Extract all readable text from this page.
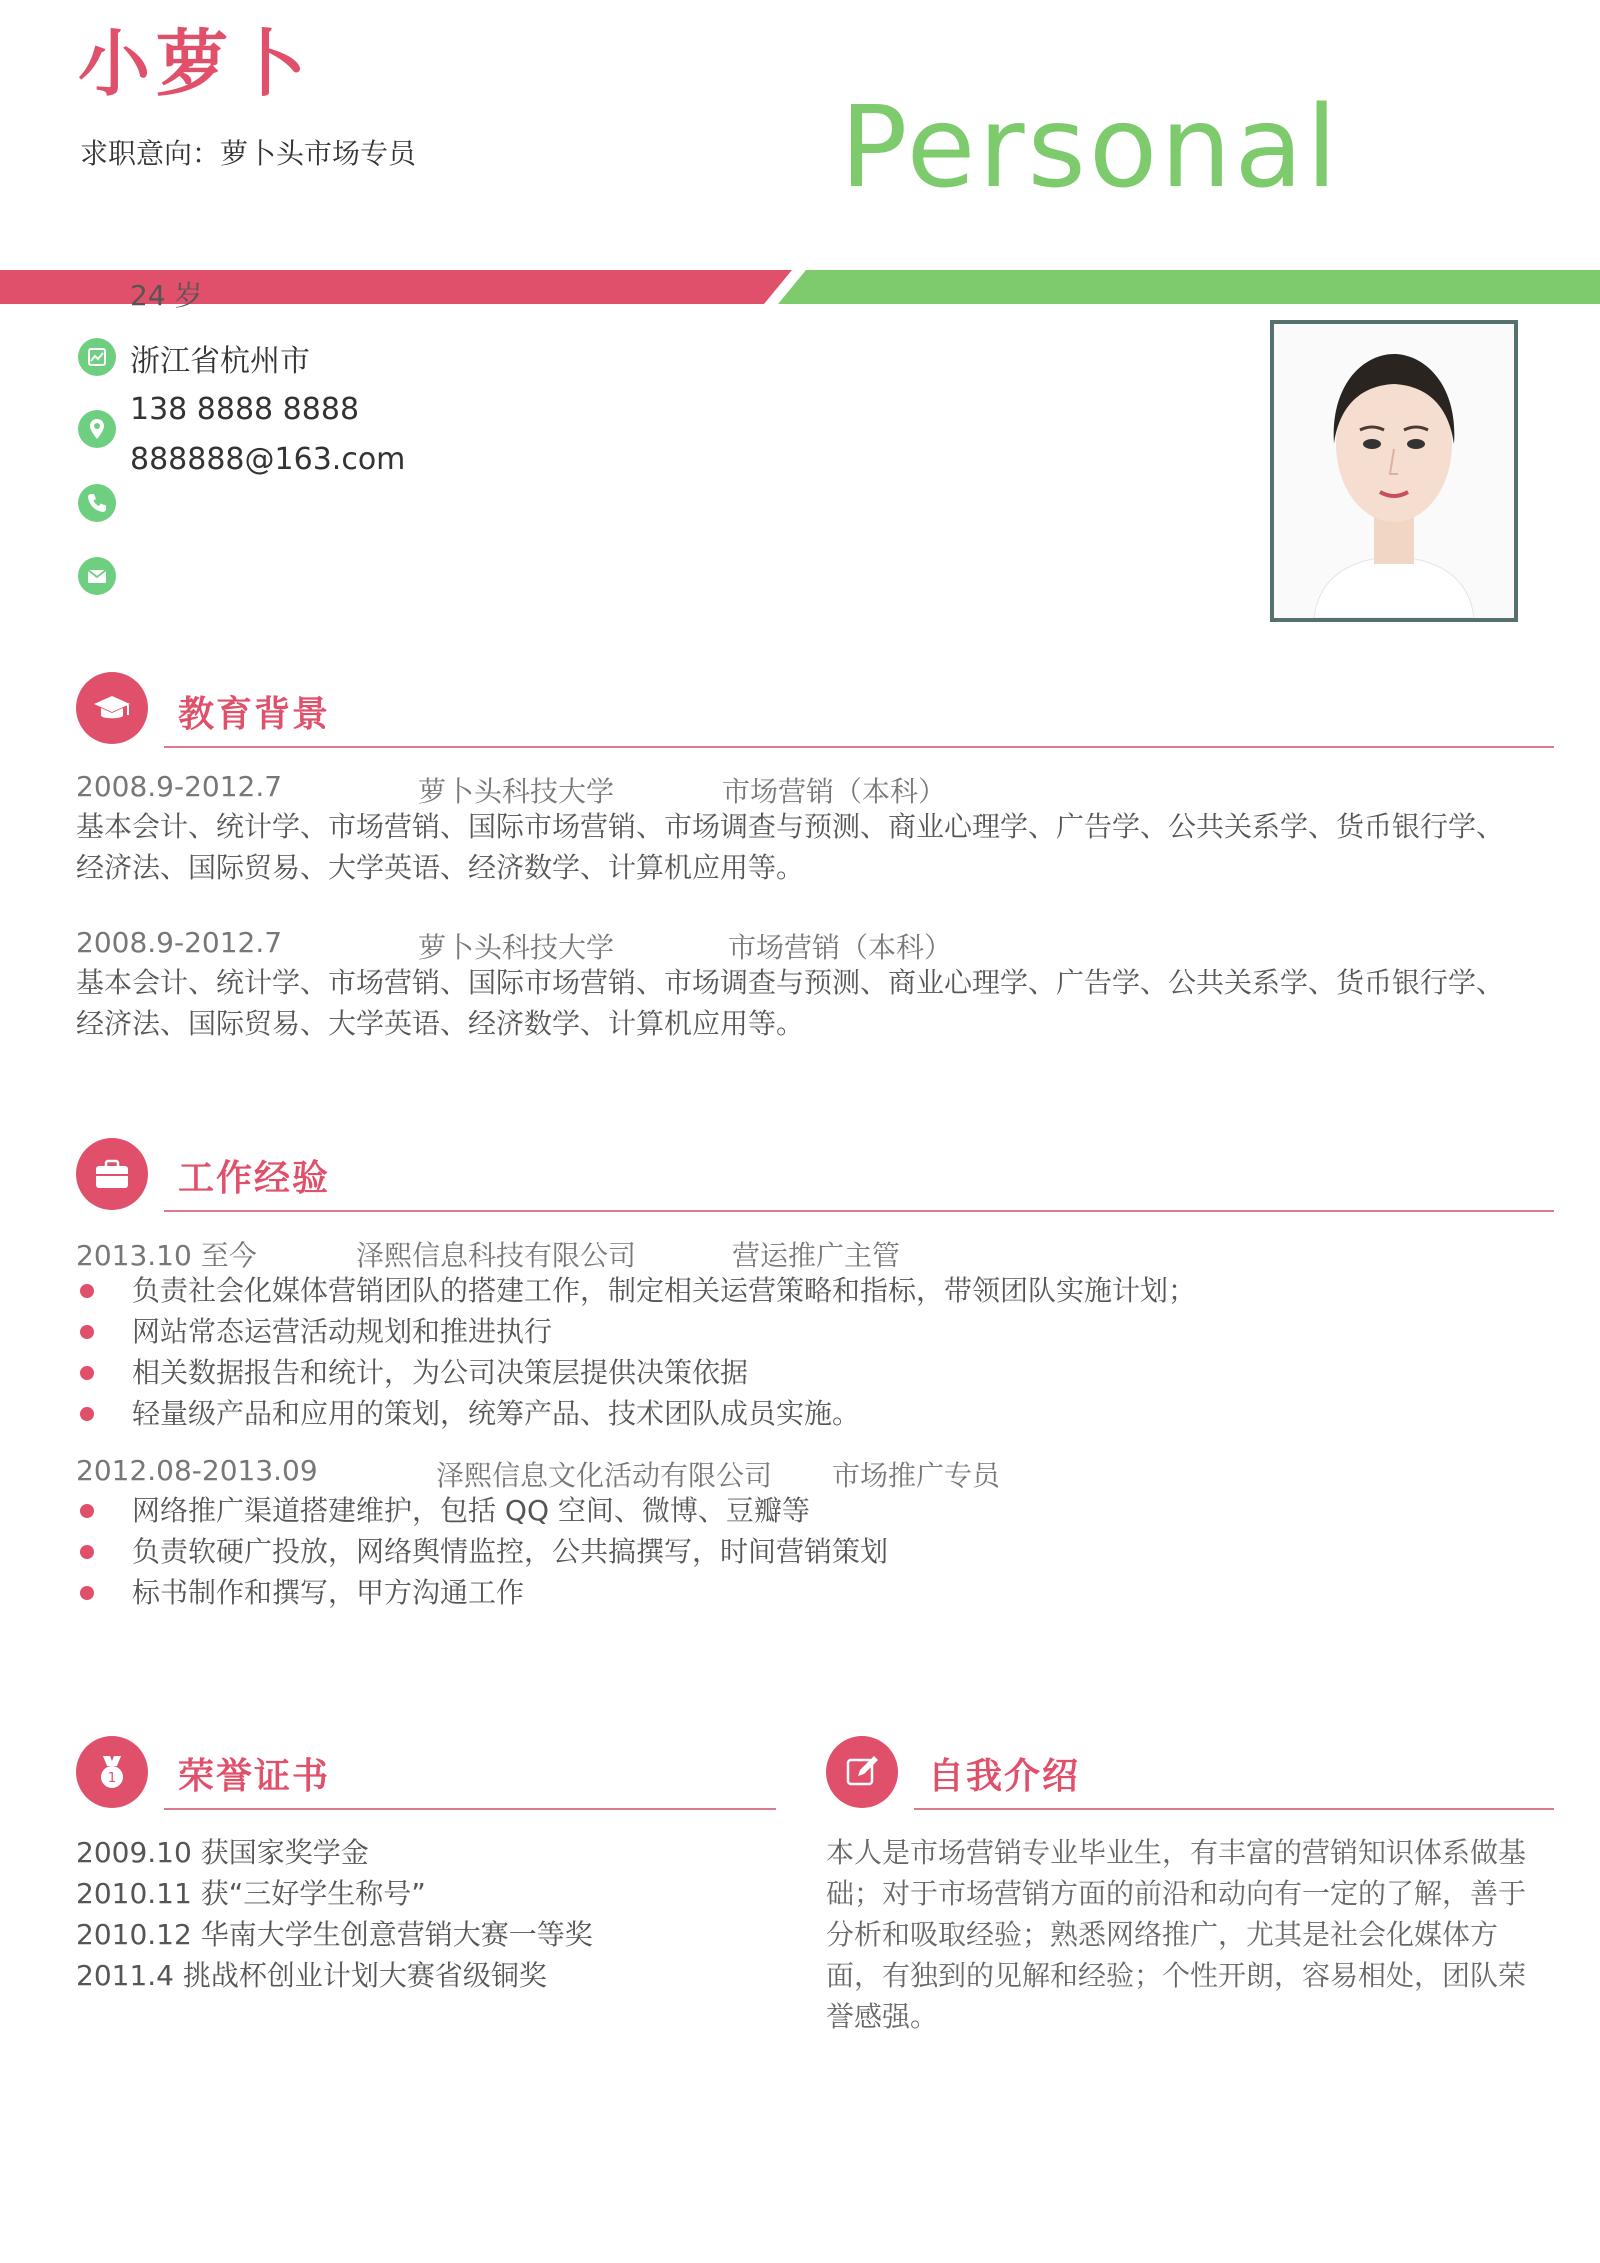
小萝卜
求职意向：萝卜头市场专员	Personal
24 岁
浙江省杭州市
138 8888 8888
888888@163.com
教育背景
2008.9-2012.7	萝卜头科技大学	市场营销（本科）
基本会计、统计学、市场营销、国际市场营销、市场调查与预测、商业心理学、广告学、公共关系学、货币银行学、
经济法、国际贸易、大学英语、经济数学、计算机应用等。
2008.9-2012.7	萝卜头科技大学	市场营销（本科）
基本会计、统计学、市场营销、国际市场营销、市场调查与预测、商业心理学、广告学、公共关系学、货币银行学、
经济法、国际贸易、大学英语、经济数学、计算机应用等。
工作经验
2013.10 至今	泽熙信息科技有限公司	营运推广主管
负责社会化媒体营销团队的搭建工作，制定相关运营策略和指标，带领团队实施计划；
网站常态运营活动规划和推进执行
相关数据报告和统计，为公司决策层提供决策依据
轻量级产品和应用的策划，统筹产品、技术团队成员实施。
2012.08-2013.09	泽熙信息文化活动有限公司 市场推广专员
网络推广渠道搭建维护，包括 QQ 空间、微博、豆瓣等
负责软硬广投放，网络舆情监控，公共搞撰写，时间营销策划
标书制作和撰写，甲方沟通工作
1 荣誉证书
2009.10 获国家奖学金
2010.11 获“三好学生称号”
2010.12 华南大学生创意营销大赛一等奖
2011.4 挑战杯创业计划大赛省级铜奖
自我介绍
本人是市场营销专业毕业生，有丰富的营销知识体系做基
础；对于市场营销方面的前沿和动向有一定的了解，善于
分析和吸取经验；熟悉网络推广，尤其是社会化媒体方
面，有独到的见解和经验；个性开朗，容易相处，团队荣
誉感强。
